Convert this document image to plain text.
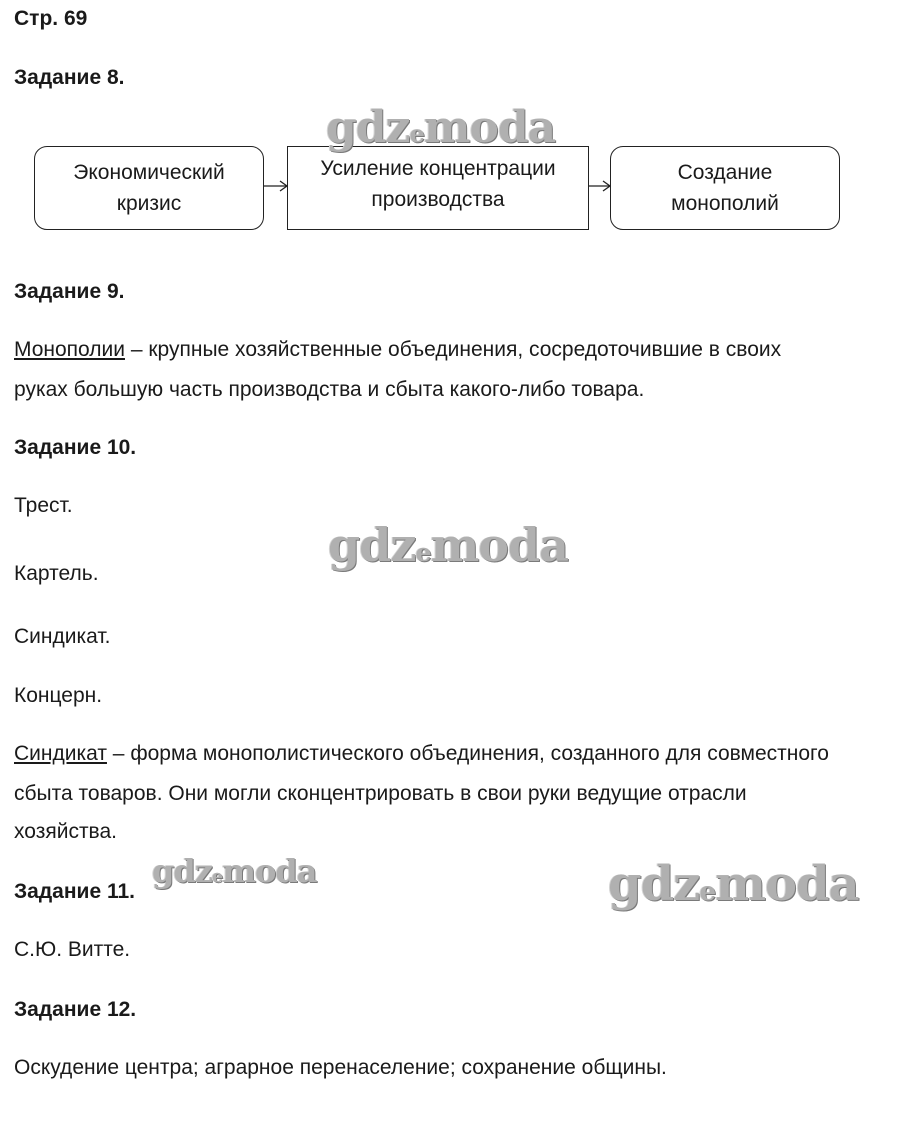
Стр. 69
Задание 8.
Экономический
кризис
Усиление концентрации
производства
Создание
монополий
Задание 9.
Монополии – крупные хозяйственные объединения, сосредоточившие в своих
руках большую часть производства и сбыта какого-либо товара.
Задание 10.
Трест.
Картель.
Синдикат.
Концерн.
Синдикат – форма монополистического объединения, созданного для совместного
сбыта товаров. Они могли сконцентрировать в свои руки ведущие отрасли
хозяйства.
Задание 11.
С.Ю. Витте.
Задание 12.
Оскудение центра; аграрное перенаселение; сохранение общины.
gdzemoda
gdzemoda
gdzemoda	gdzemoda
